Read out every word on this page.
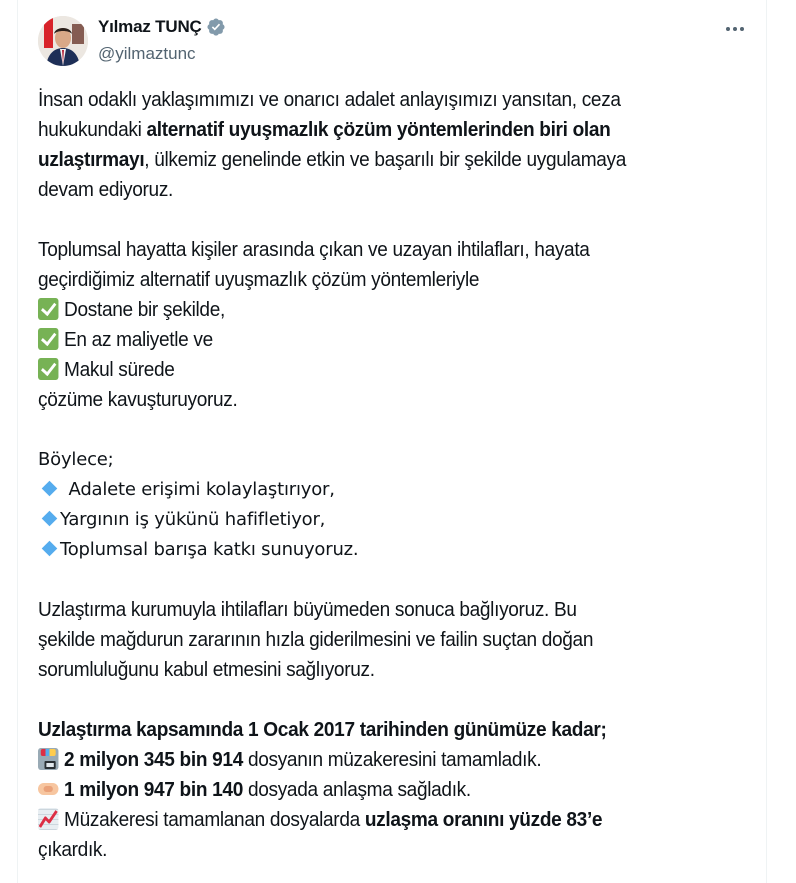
Yılmaz TUNÇ
@yilmaztunc
İnsan odaklı yaklaşımımızı ve onarıcı adalet anlayışımızı yansıtan, ceza
hukukundaki alternatif uyuşmazlık çözüm yöntemlerinden biri olan
uzlaştırmayı, ülkemiz genelinde etkin ve başarılı bir şekilde uygulamaya
devam ediyoruz.
Toplumsal hayatta kişiler arasında çıkan ve uzayan ihtilafları, hayata
geçirdiğimiz alternatif uyuşmazlık çözüm yöntemleriyle
Dostane bir şekilde,
En az maliyetle ve
Makul sürede
çözüme kavuşturuyoruz.
Böylece;
Adalete erişimi kolaylaştırıyor,
Yargının iş yükünü hafifletiyor,
Toplumsal barışa katkı sunuyoruz.
Uzlaştırma kurumuyla ihtilafları büyümeden sonuca bağlıyoruz. Bu
şekilde mağdurun zararının hızla giderilmesini ve failin suçtan doğan
sorumluluğunu kabul etmesini sağlıyoruz.
Uzlaştırma kapsamında 1 Ocak 2017 tarihinden günümüze kadar;
2 milyon 345 bin 914 dosyanın müzakeresini tamamladık.
1 milyon 947 bin 140 dosyada anlaşma sağladık.
Müzakeresi tamamlanan dosyalarda uzlaşma oranını yüzde 83’e
çıkardık.
